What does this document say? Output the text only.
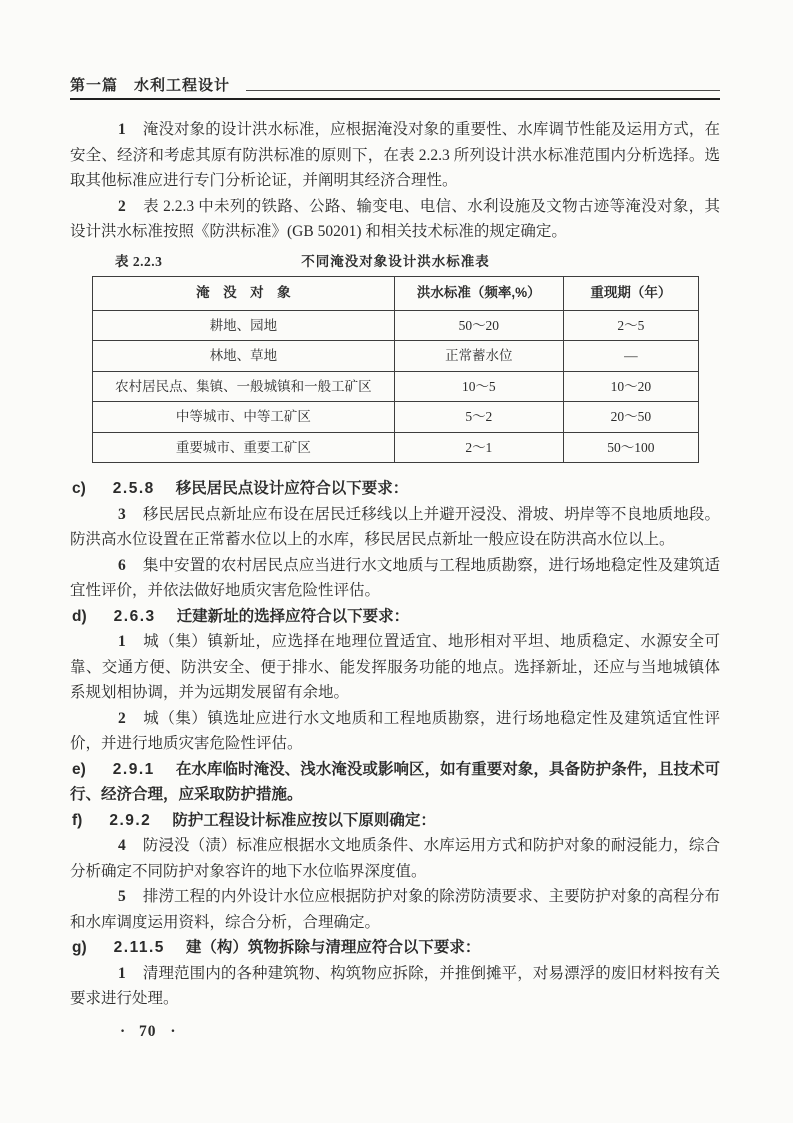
第一篇　水利工程设计

1 淹没对象的设计洪水标准，应根据淹没对象的重要性、水库调节性能及运用方式，在安全、经济和考虑其原有防洪标准的原则下，在表 2.2.3 所列设计洪水标准范围内分析选择。选取其他标准应进行专门分析论证，并阐明其经济合理性。

2 表 2.2.3 中未列的铁路、公路、输变电、电信、水利设施及文物古迹等淹没对象，其设计洪水标准按照《防洪标准》(GB 50201) 和相关技术标准的规定确定。

表 2.2.3	不同淹没对象设计洪水标准表
淹　没　对　象	洪水标准（频率,%）	重现期（年）
耕地、园地	50～20	2～5
林地、草地	正常蓄水位	—
农村居民点、集镇、一般城镇和一般工矿区	10～5	10～20
中等城市、中等工矿区	5～2	20～50
重要城市、重要工矿区	2～1	50～100

c) 2.5.8 移民居民点设计应符合以下要求：

3 移民居民点新址应布设在居民迁移线以上并避开浸没、滑坡、坍岸等不良地质地段。防洪高水位设置在正常蓄水位以上的水库，移民居民点新址一般应设在防洪高水位以上。

6 集中安置的农村居民点应当进行水文地质与工程地质勘察，进行场地稳定性及建筑适宜性评价，并依法做好地质灾害危险性评估。

d) 2.6.3 迁建新址的选择应符合以下要求：

1 城（集）镇新址，应选择在地理位置适宜、地形相对平坦、地质稳定、水源安全可靠、交通方便、防洪安全、便于排水、能发挥服务功能的地点。选择新址，还应与当地城镇体系规划相协调，并为远期发展留有余地。

2 城（集）镇选址应进行水文地质和工程地质勘察，进行场地稳定性及建筑适宜性评价，并进行地质灾害危险性评估。

e) 2.9.1 在水库临时淹没、浅水淹没或影响区，如有重要对象，具备防护条件，且技术可行、经济合理，应采取防护措施。

f) 2.9.2 防护工程设计标准应按以下原则确定：

4 防浸没（渍）标准应根据水文地质条件、水库运用方式和防护对象的耐浸能力，综合分析确定不同防护对象容许的地下水位临界深度值。

5 排涝工程的内外设计水位应根据防护对象的除涝防渍要求、主要防护对象的高程分布和水库调度运用资料，综合分析，合理确定。

g) 2.11.5 建（构）筑物拆除与清理应符合以下要求：

1 清理范围内的各种建筑物、构筑物应拆除，并推倒摊平，对易漂浮的废旧材料按有关要求进行处理。

· 70 ·
